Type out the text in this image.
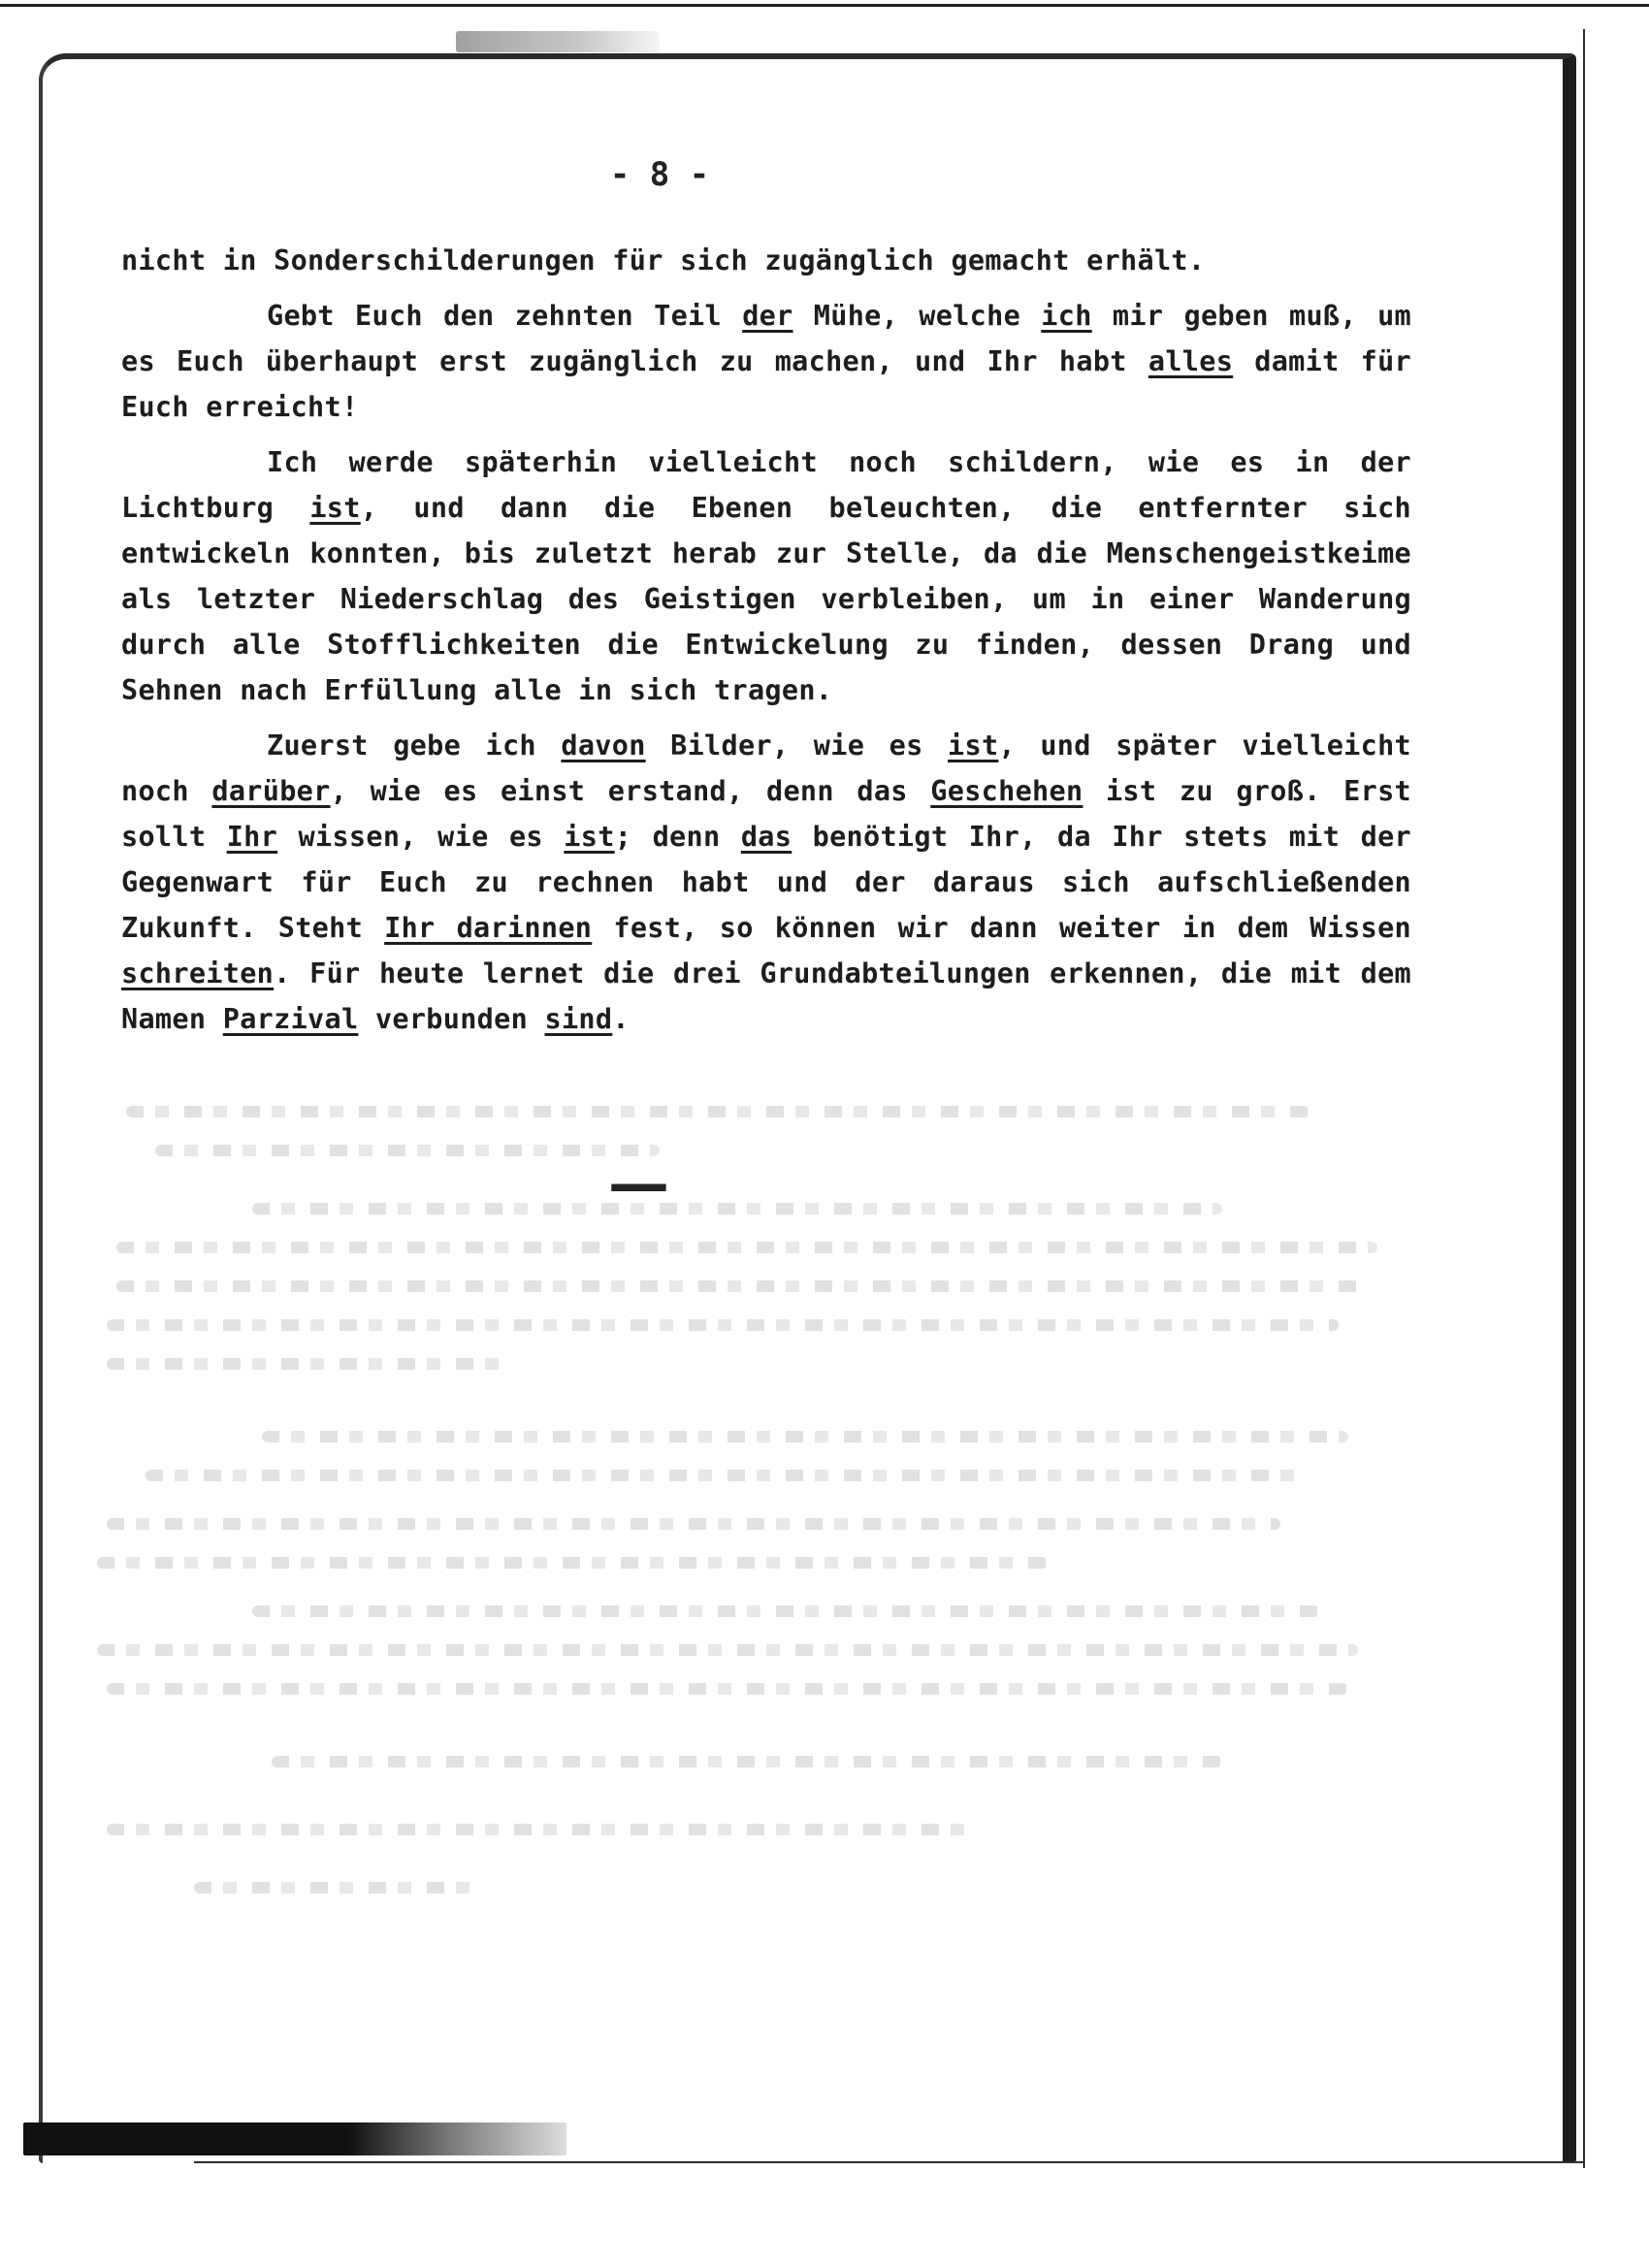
- 8 -

nicht in Sonderschilderungen für sich zugänglich gemacht erhält.

Gebt Euch den zehnten Teil der Mühe, welche ich mir geben muß, um es Euch überhaupt erst zugänglich zu machen, und Ihr habt alles damit für Euch erreicht!

Ich werde späterhin vielleicht noch schildern, wie es in der Lichtburg ist, und dann die Ebenen beleuchten, die entfernter sich entwickeln konnten, bis zuletzt herab zur Stelle, da die Menschengeistkeime als letzter Niederschlag des Geistigen verbleiben, um in einer Wanderung durch alle Stofflichkeiten die Entwickelung zu finden, dessen Drang und Sehnen nach Erfüllung alle in sich tragen.

Zuerst gebe ich davon Bilder, wie es ist, und später vielleicht noch darüber, wie es einst erstand, denn das Geschehen ist zu groß. Erst sollt Ihr wissen, wie es ist; denn das benötigt Ihr, da Ihr stets mit der Gegenwart für Euch zu rechnen habt und der daraus sich aufschließenden Zukunft. Steht Ihr darinnen fest, so können wir dann weiter in dem Wissen schreiten. Für heute lernet die drei Grundabteilungen erkennen, die mit dem Namen Parzival verbunden sind.

▬▬▬▬
